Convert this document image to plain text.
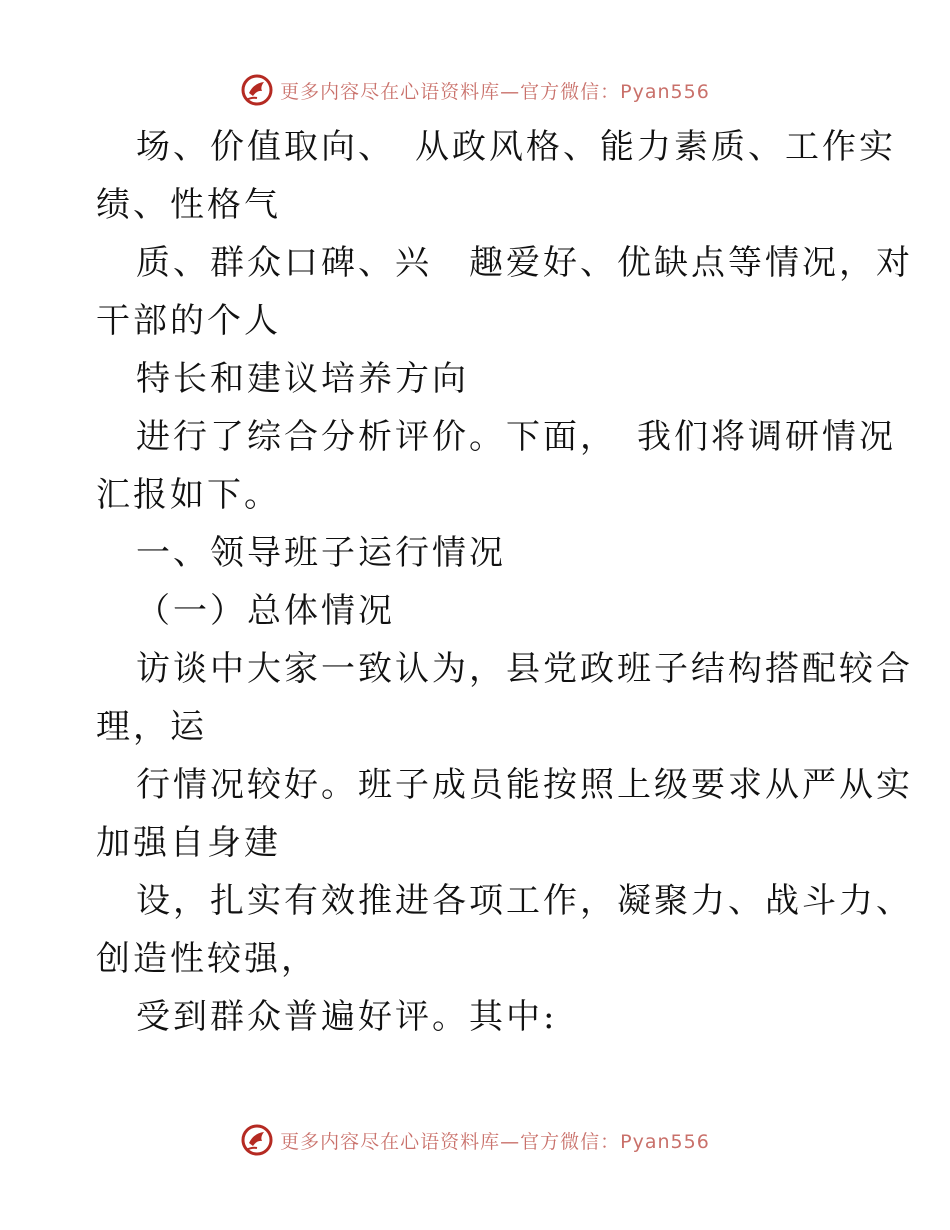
更多内容尽在心语资料库—官方微信：Pyan556
场、价值取向、　从政风格、能力素质、工作实
绩、性格气
质、群众口碑、兴　趣爱好、优缺点等情况，对
干部的个人
特长和建议培养方向
进行了综合分析评价。下面，　我们将调研情况
汇报如下。
一、领导班子运行情况
（一）总体情况
访谈中大家一致认为，县党政班子结构搭配较合
理，运
行情况较好。班子成员能按照上级要求从严从实
加强自身建
设，扎实有效推进各项工作，凝聚力、战斗力、
创造性较强，
受到群众普遍好评。其中:
更多内容尽在心语资料库—官方微信：Pyan556
